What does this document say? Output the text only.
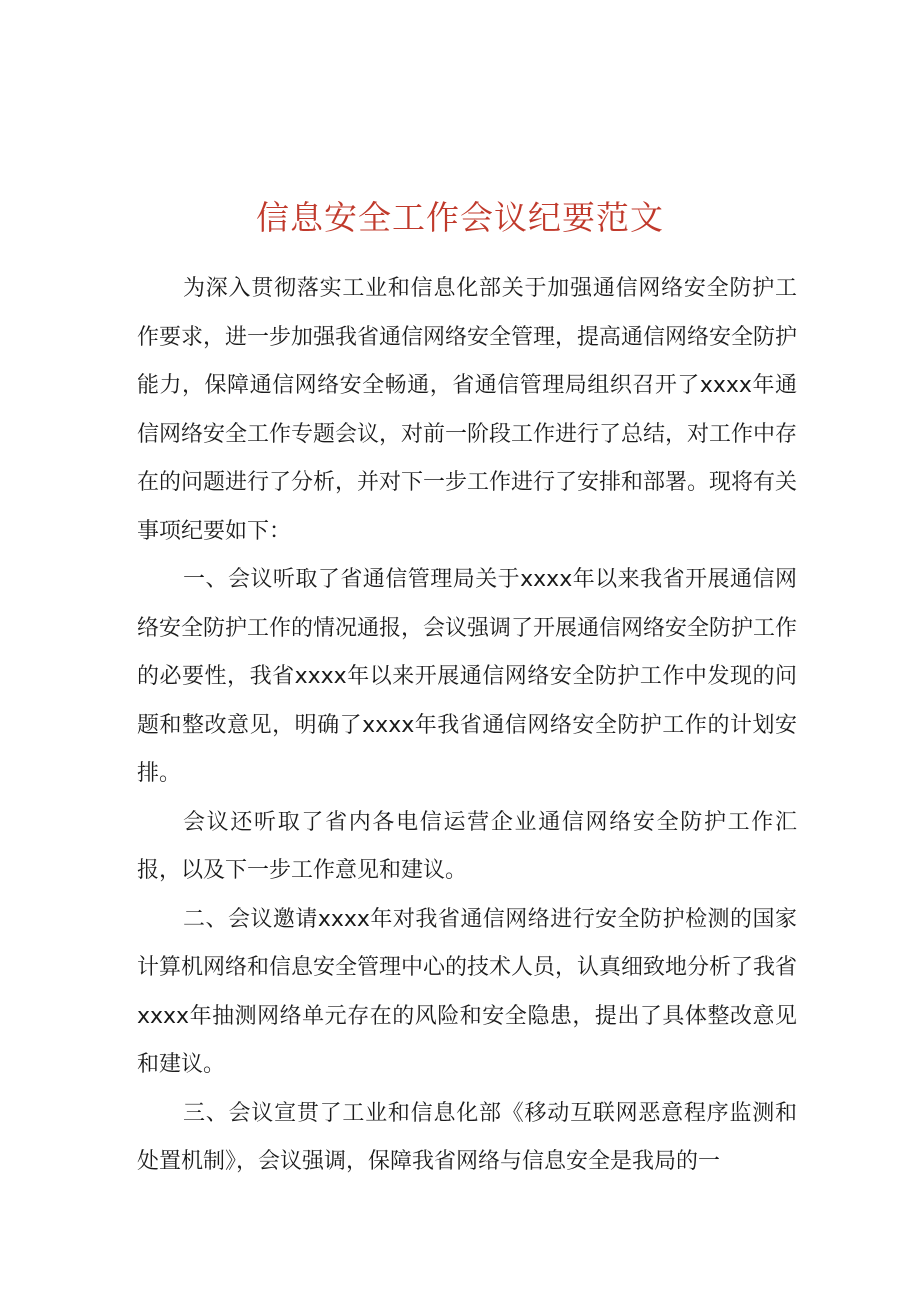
信息安全工作会议纪要范文

为深入贯彻落实工业和信息化部关于加强通信网络安全防护工作要求，进一步加强我省通信网络安全管理，提高通信网络安全防护能力，保障通信网络安全畅通，省通信管理局组织召开了xxxx年通信网络安全工作专题会议，对前一阶段工作进行了总结，对工作中存在的问题进行了分析，并对下一步工作进行了安排和部署。现将有关事项纪要如下：

一、会议听取了省通信管理局关于xxxx年以来我省开展通信网络安全防护工作的情况通报，会议强调了开展通信网络安全防护工作的必要性，我省xxxx年以来开展通信网络安全防护工作中发现的问题和整改意见，明确了xxxx年我省通信网络安全防护工作的计划安排。

会议还听取了省内各电信运营企业通信网络安全防护工作汇报，以及下一步工作意见和建议。

二、会议邀请xxxx年对我省通信网络进行安全防护检测的国家计算机网络和信息安全管理中心的技术人员，认真细致地分析了我省xxxx年抽测网络单元存在的风险和安全隐患，提出了具体整改意见和建议。

三、会议宣贯了工业和信息化部《移动互联网恶意程序监测和处置机制》，会议强调，保障我省网络与信息安全是我局的一
